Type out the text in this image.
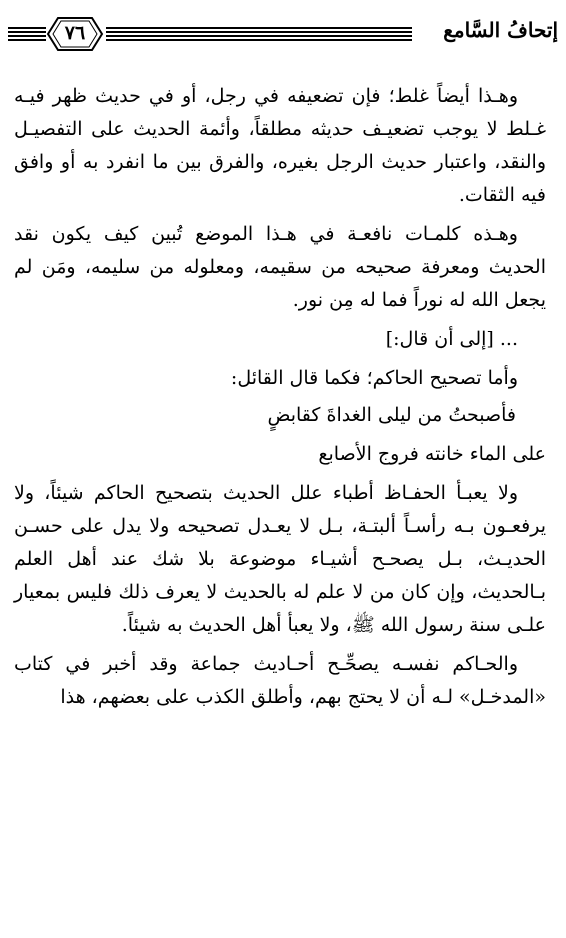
إتحافُ السَّامع
٧٦

وهـذا أيضاً غلط؛ فإن تضعيفه في رجل، أو في حديث ظهر فيـه غـلط لا يوجب تضعيـف حديثه مطلقاً، وأئمة الحديث على التفصيـل والنقد، واعتبار حديث الرجل بغيره، والفرق بين ما انفرد به أو وافق فيه الثقات.

وهـذه كلمـات نافعـة في هـذا الموضع تُبين كيف يكون نقد الحديث ومعرفة صحيحه من سقيمه، ومعلوله من سليمه، ومَن لم يجعل الله له نوراً فما له مِن نور.

... [إلى أن قال:]

وأما تصحيح الحاكم؛ فكما قال القائل:

فأصبحتُ من ليلى الغداةَ كقابضٍ

على الماء خانته فروج الأصابع

ولا يعبـأ الحفـاظ أطباء علل الحديث بتصحيح الحاكم شيئاً، ولا يرفعـون بـه رأسـاً ألبتـة، بـل لا يعـدل تصحيحه ولا يدل على حسـن الحديـث، بـل يصحـح أشيـاء موضوعة بلا شك عند أهل العلم بـالحديث، وإن كان من لا علم له بالحديث لا يعرف ذلك فليس بمعيار علـى سنة رسول الله ﷺ، ولا يعبأ أهل الحديث به شيئاً.

والحـاكم نفسـه يصحِّـح أحـاديث جماعة وقد أخبر في كتاب «المدخـل» لـه أن لا يحتج بهم، وأطلق الكذب على بعضهم، هذا
